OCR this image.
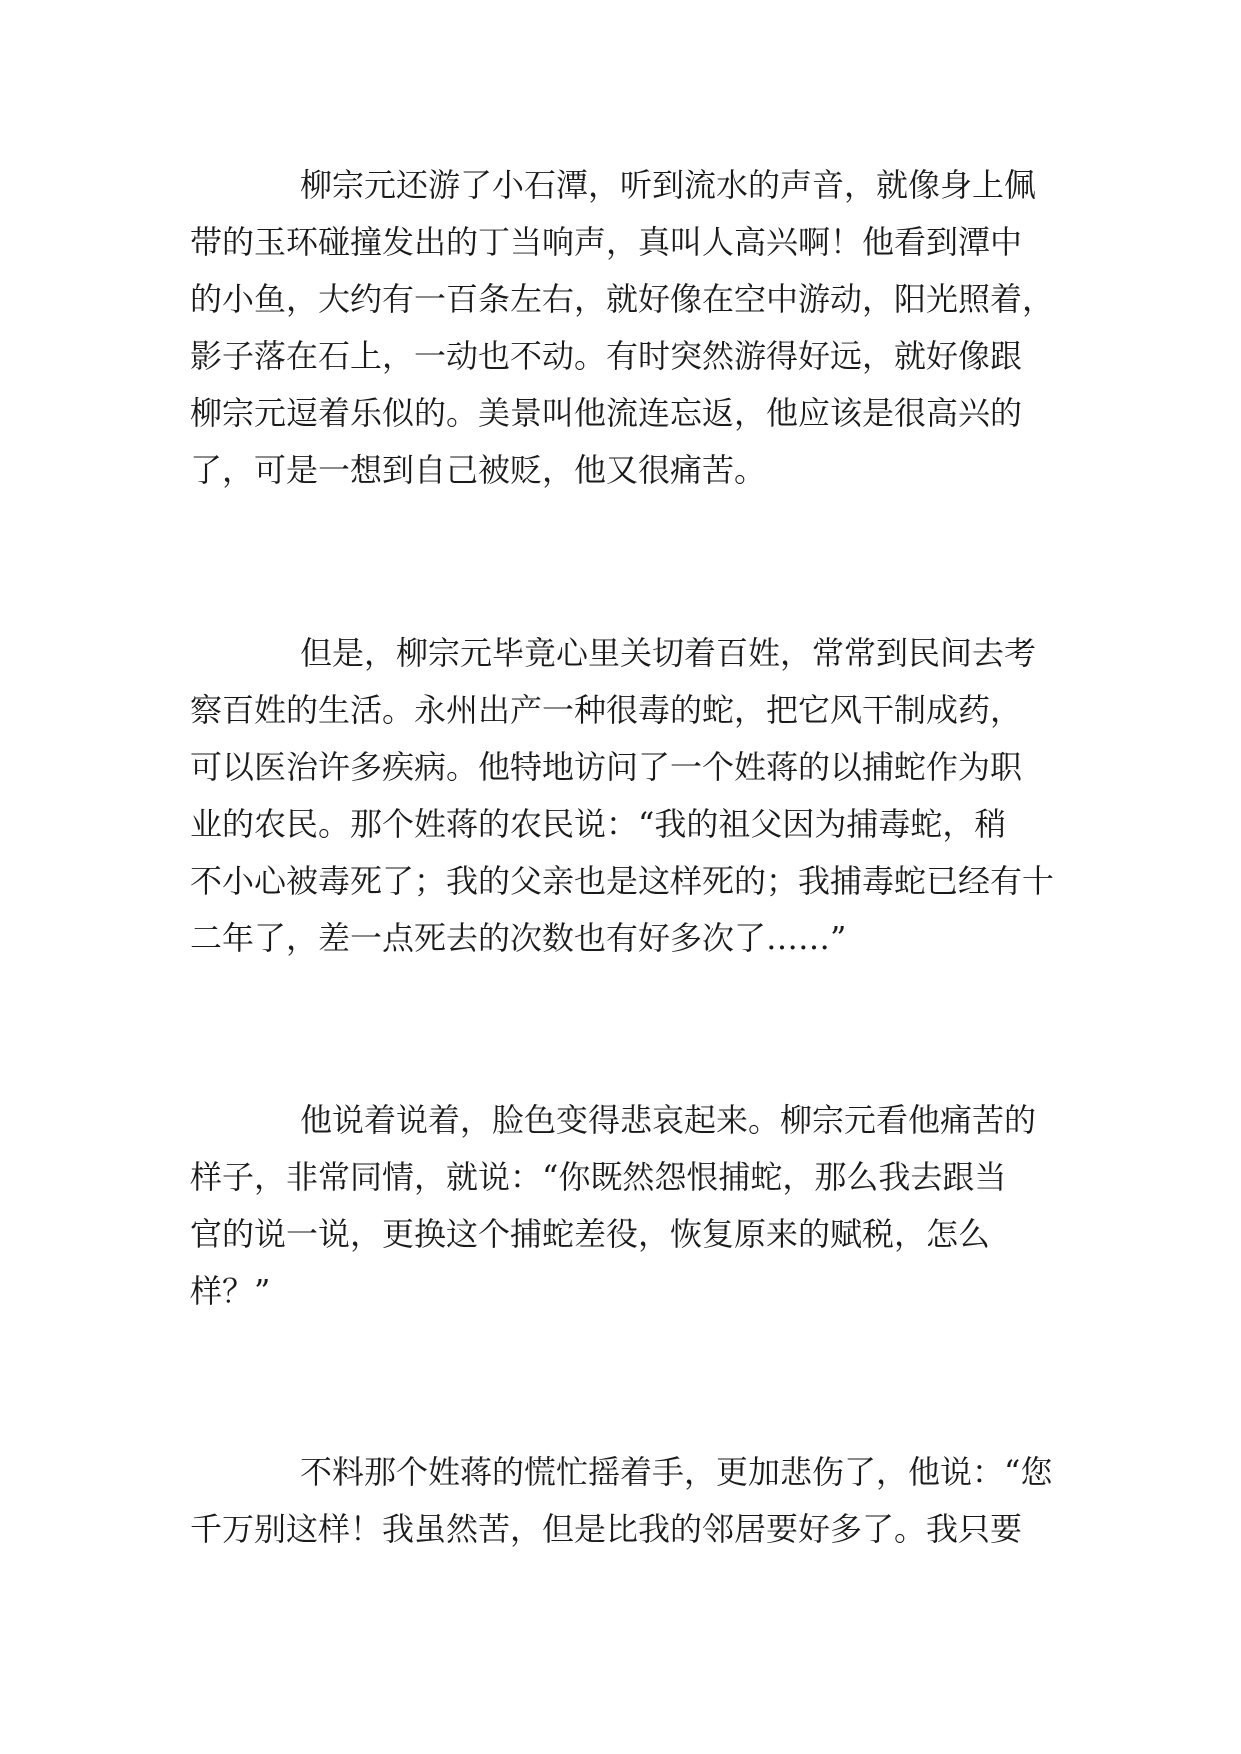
柳宗元还游了小石潭，听到流水的声音，就像身上佩
带的玉环碰撞发出的丁当响声，真叫人高兴啊！他看到潭中
的小鱼，大约有一百条左右，就好像在空中游动，阳光照着，
影子落在石上，一动也不动。有时突然游得好远，就好像跟
柳宗元逗着乐似的。美景叫他流连忘返，他应该是很高兴的
了，可是一想到自己被贬，他又很痛苦。
但是，柳宗元毕竟心里关切着百姓，常常到民间去考
察百姓的生活。永州出产一种很毒的蛇，把它风干制成药，
可以医治许多疾病。他特地访问了一个姓蒋的以捕蛇作为职
业的农民。那个姓蒋的农民说：“我的祖父因为捕毒蛇，稍
不小心被毒死了；我的父亲也是这样死的；我捕毒蛇已经有十
二年了，差一点死去的次数也有好多次了……”
他说着说着，脸色变得悲哀起来。柳宗元看他痛苦的
样子，非常同情，就说：“你既然怨恨捕蛇，那么我去跟当
官的说一说，更换这个捕蛇差役，恢复原来的赋税，怎么
样？”
不料那个姓蒋的慌忙摇着手，更加悲伤了，他说：“您
千万别这样！我虽然苦，但是比我的邻居要好多了。我只要
